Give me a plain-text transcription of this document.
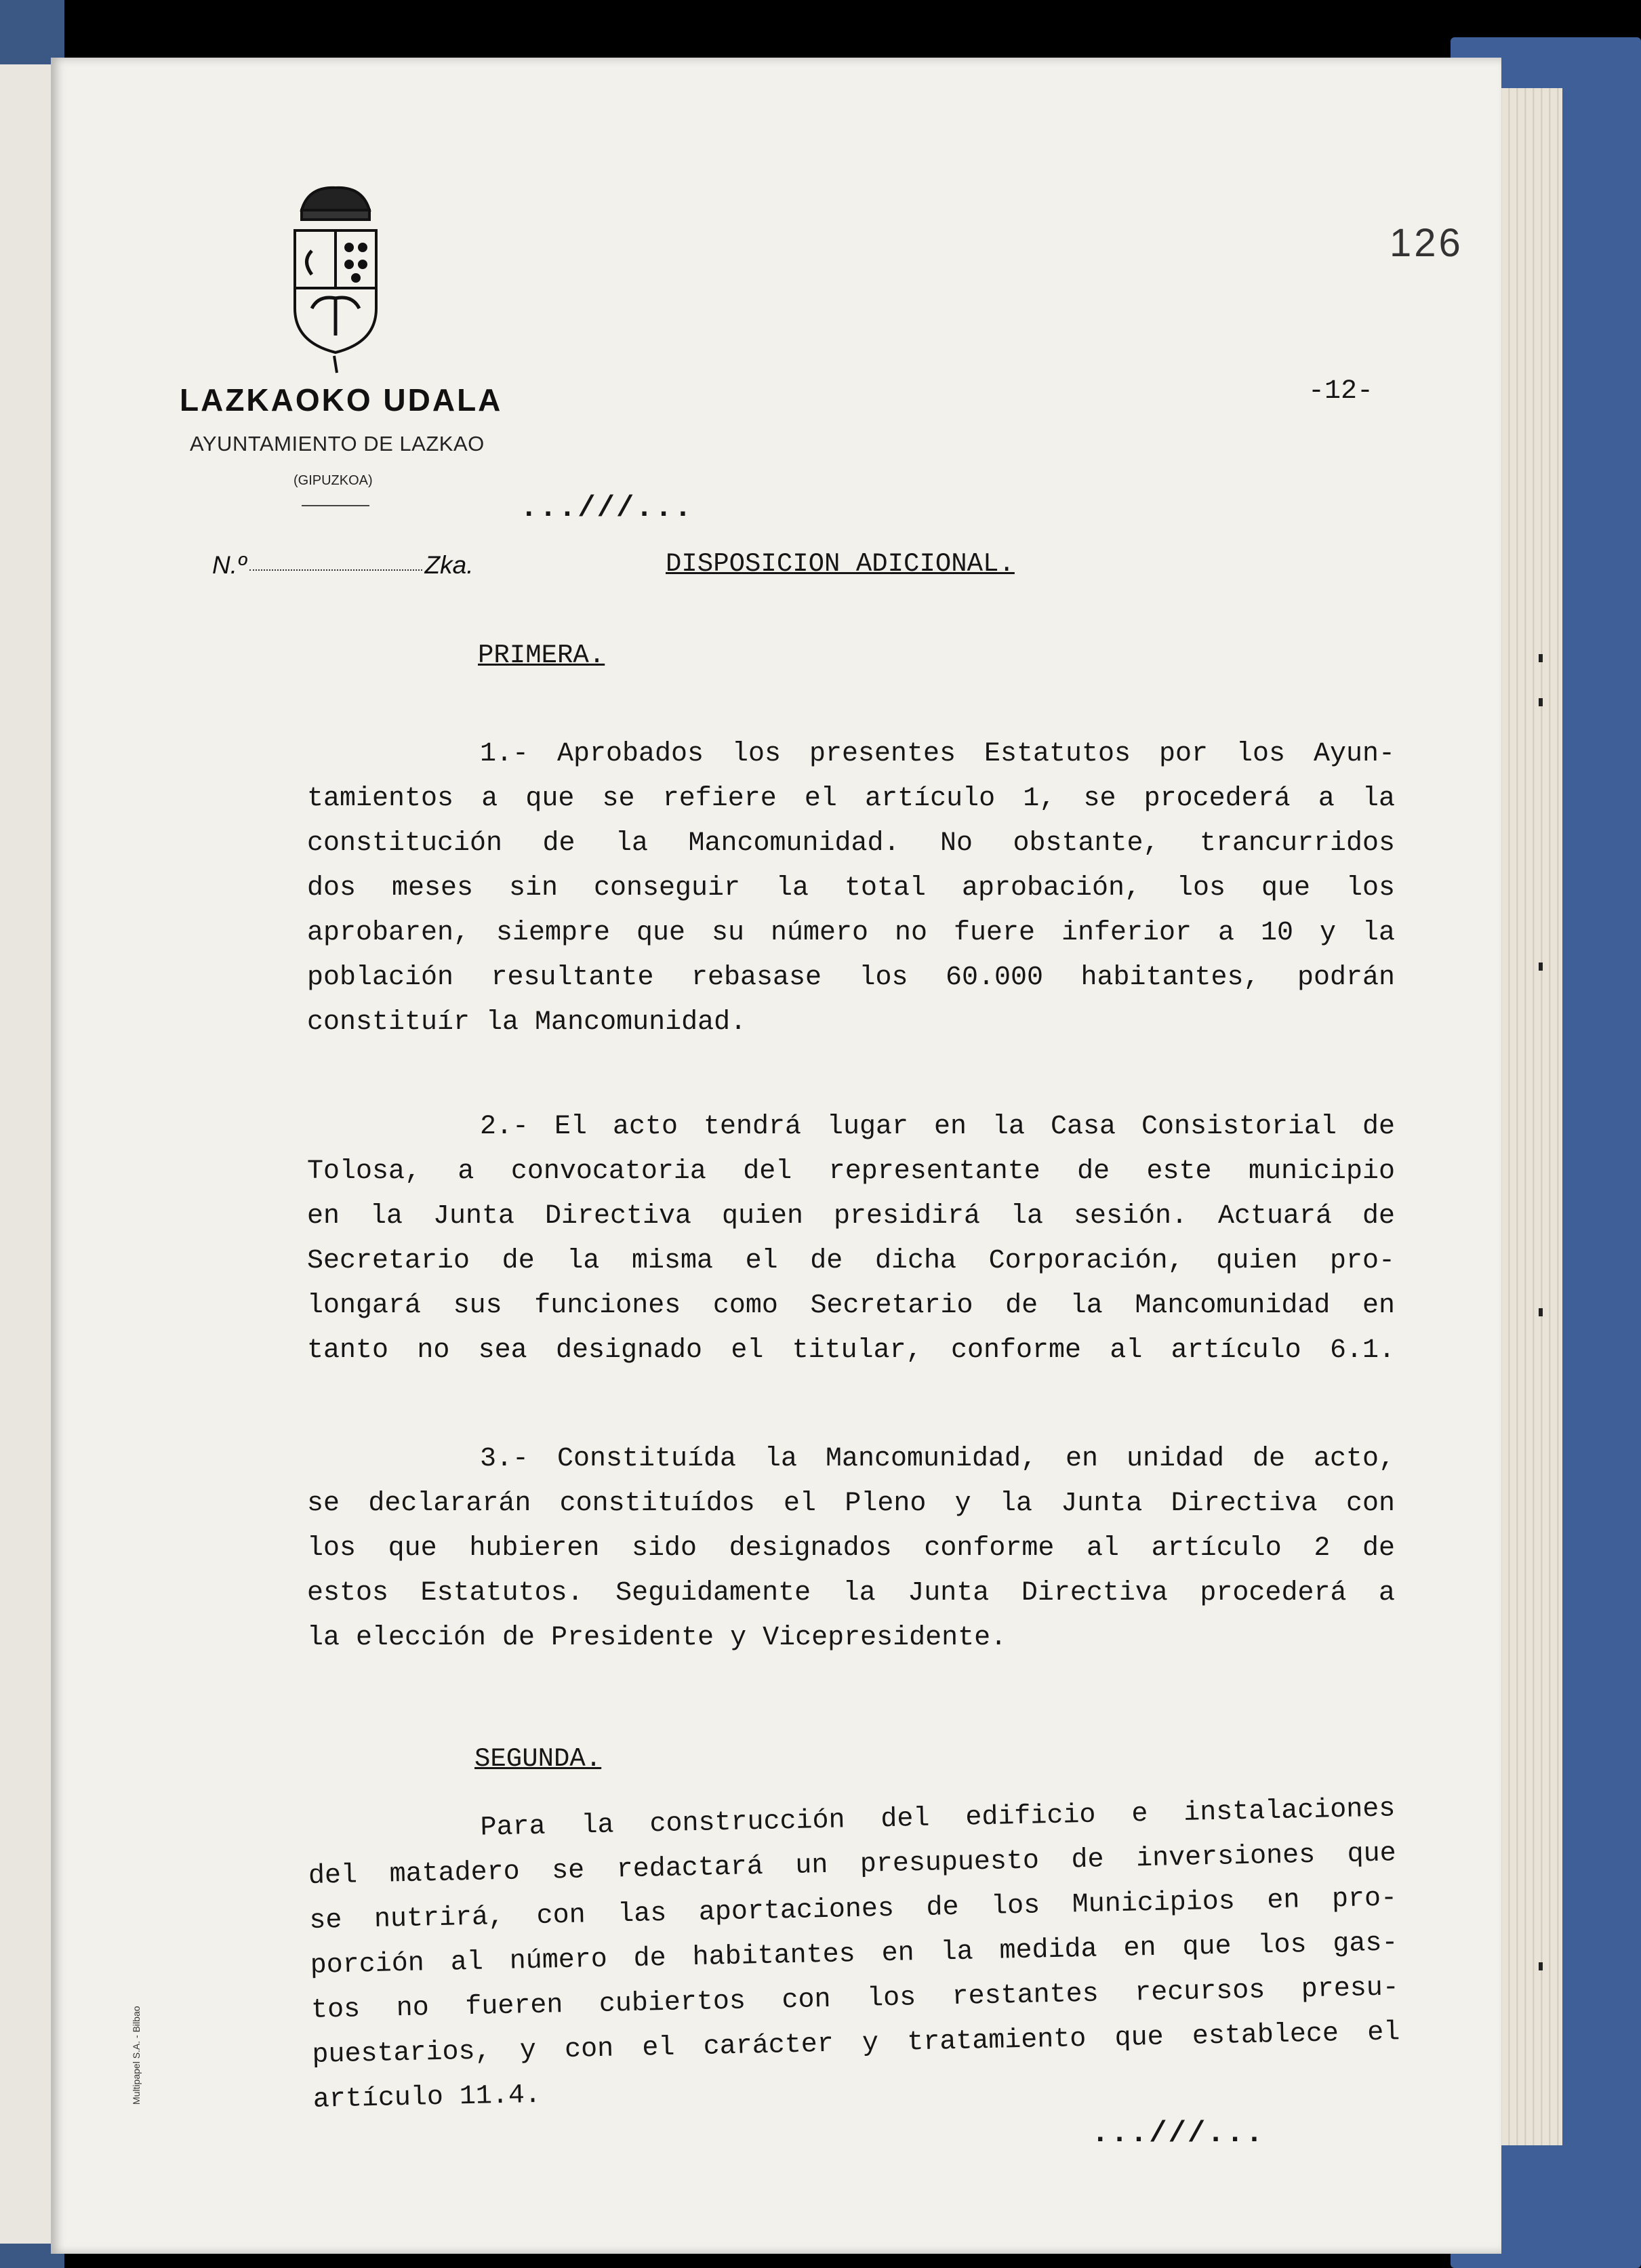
LAZKAOKO UDALA
AYUNTAMIENTO DE LAZKAO
(GIPUZKOA)
N.º	Zka.
126
-12-
...///...
DISPOSICION ADICIONAL.
PRIMERA.
1.- Aprobados los presentes Estatutos por los Ayun-
tamientos a que se refiere el artículo 1, se procederá a la
constitución de la Mancomunidad. No obstante, trancurridos
dos meses sin conseguir la total aprobación, los que los
aprobaren, siempre que su número no fuere inferior a 10 y la
población resultante rebasase los 60.000 habitantes, podrán
constituír la Mancomunidad.
2.- El acto tendrá lugar en la Casa Consistorial de
Tolosa, a convocatoria del representante de este municipio
en la Junta Directiva quien presidirá la sesión. Actuará de
Secretario de la misma el de dicha Corporación, quien pro-
longará sus funciones como Secretario de la Mancomunidad en
tanto no sea designado el titular, conforme al artículo 6.1.
3.- Constituída la Mancomunidad, en unidad de acto,
se declararán constituídos el Pleno y la Junta Directiva con
los que hubieren sido designados conforme al artículo 2 de
estos Estatutos. Seguidamente la Junta Directiva procederá a
la elección de Presidente y Vicepresidente.
SEGUNDA.
Para la construcción del edificio e instalaciones
del matadero se redactará un presupuesto de inversiones que
se nutrirá, con las aportaciones de los Municipios en pro-
porción al número de habitantes en la medida en que los gas-
tos no fueren cubiertos con los restantes recursos presu-
puestarios, y con el carácter y tratamiento que establece el
artículo 11.4.
...///...
Multipapel S.A. - Bilbao
